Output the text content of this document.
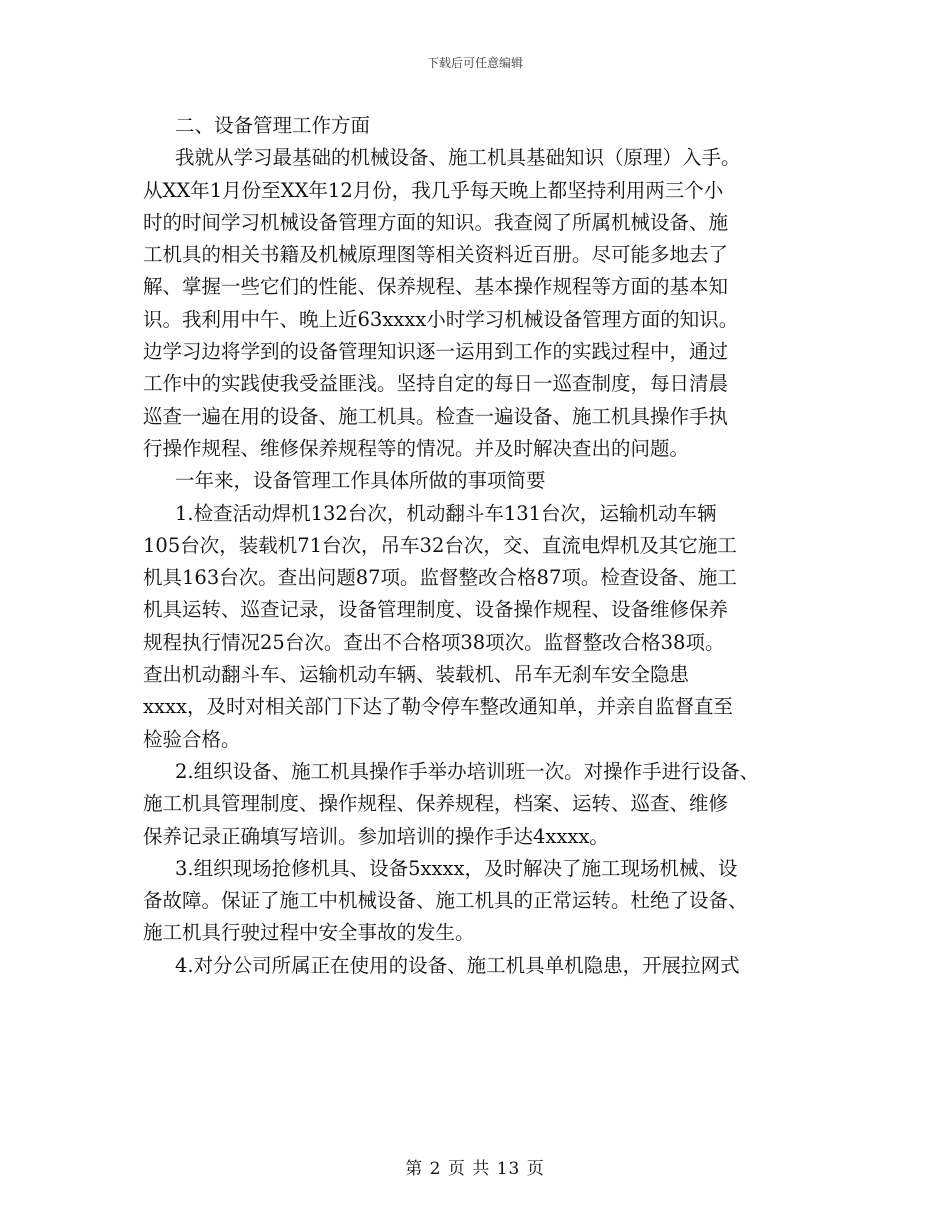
下载后可任意编辑
二、设备管理工作方面
我就从学习最基础的机械设备、施工机具基础知识（原理）入手。
从XX年1月份至XX年12月份，我几乎每天晚上都坚持利用两三个小
时的时间学习机械设备管理方面的知识。我查阅了所属机械设备、施
工机具的相关书籍及机械原理图等相关资料近百册。尽可能多地去了
解、掌握一些它们的性能、保养规程、基本操作规程等方面的基本知
识。我利用中午、晚上近63xxxx小时学习机械设备管理方面的知识。
边学习边将学到的设备管理知识逐一运用到工作的实践过程中，通过
工作中的实践使我受益匪浅。坚持自定的每日一巡查制度，每日清晨
巡查一遍在用的设备、施工机具。检查一遍设备、施工机具操作手执
行操作规程、维修保养规程等的情况。并及时解决查出的问题。
一年来，设备管理工作具体所做的事项简要
1.检查活动焊机132台次，机动翻斗车131台次，运输机动车辆
105台次，装载机71台次，吊车32台次，交、直流电焊机及其它施工
机具163台次。查出问题87项。监督整改合格87项。检查设备、施工
机具运转、巡查记录，设备管理制度、设备操作规程、设备维修保养
规程执行情况25台次。查出不合格项38项次。监督整改合格38项。
查出机动翻斗车、运输机动车辆、装载机、吊车无刹车安全隐患
xxxx，及时对相关部门下达了勒令停车整改通知单，并亲自监督直至
检验合格。
2.组织设备、施工机具操作手举办培训班一次。对操作手进行设备、
施工机具管理制度、操作规程、保养规程，档案、运转、巡查、维修
保养记录正确填写培训。参加培训的操作手达4xxxx。
3.组织现场抢修机具、设备5xxxx，及时解决了施工现场机械、设
备故障。保证了施工中机械设备、施工机具的正常运转。杜绝了设备、
施工机具行驶过程中安全事故的发生。
4.对分公司所属正在使用的设备、施工机具单机隐患，开展拉网式
第 2 页 共 13 页
